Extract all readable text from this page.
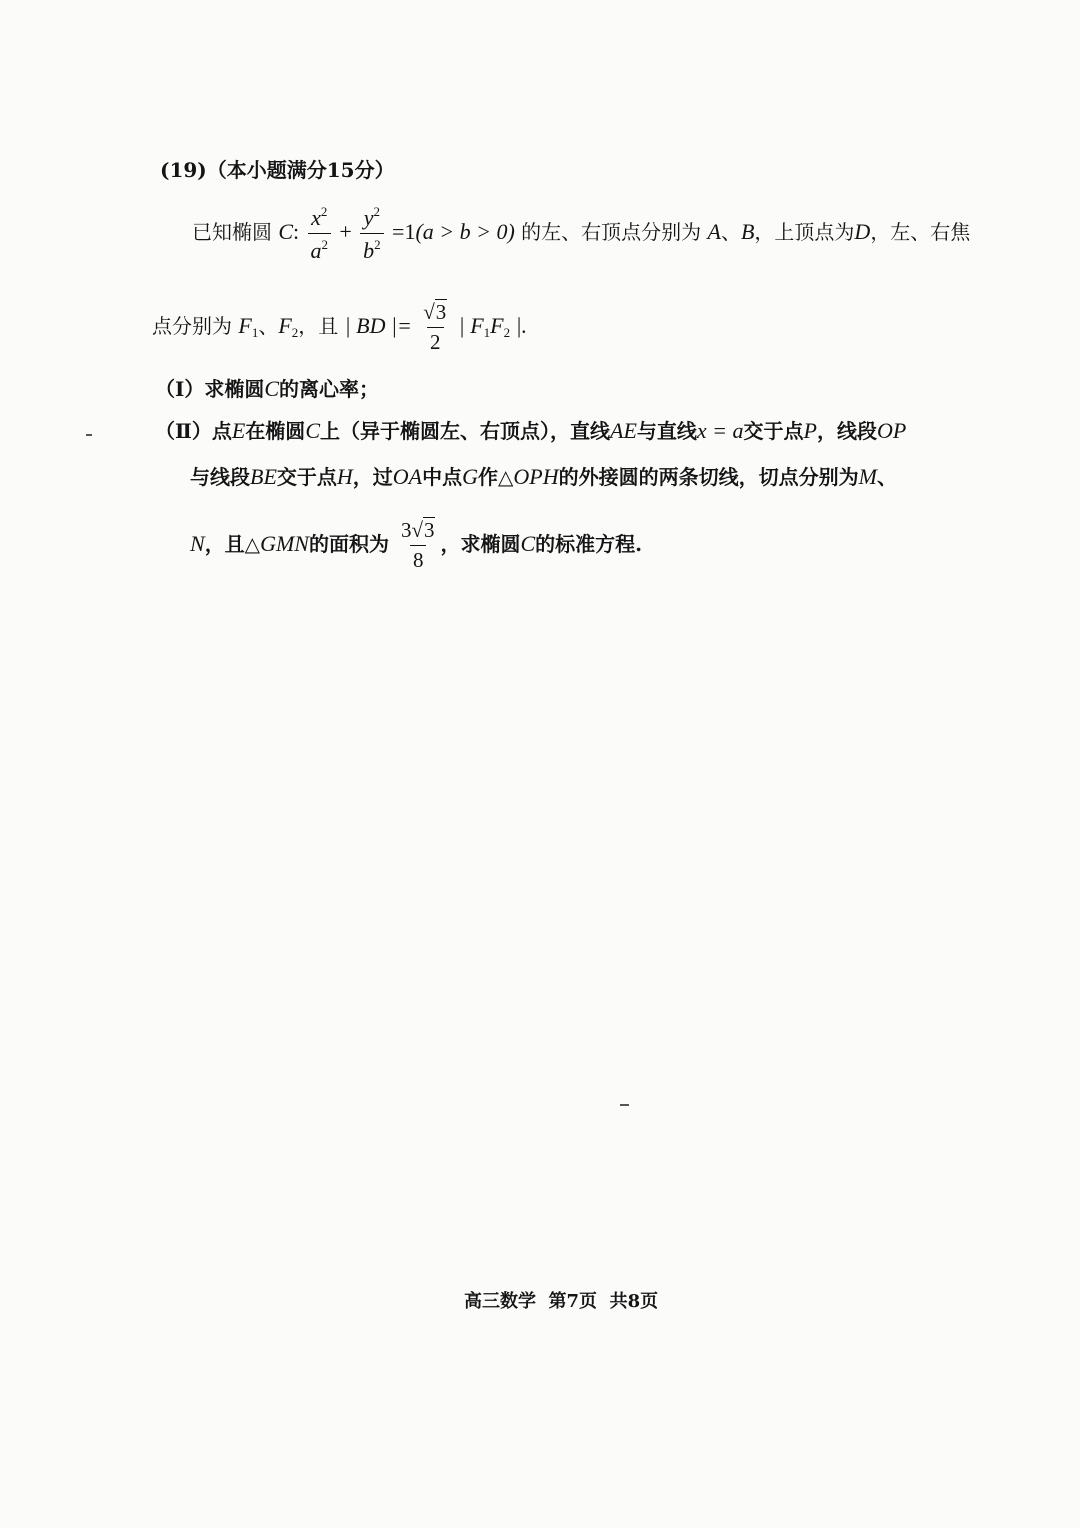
(19)（本小题满分15分）
已知椭圆 C: $\frac{x^2}{a^2} + \frac{y^2}{b^2} =1(a > b > 0)$ 的左、右顶点分别为 A、B，上顶点为D，左、右焦
点分别为 $F_1$、$F_2$，且 | BD |= $\frac{√3}{2}$ | $F_1F_2$ |.
（Ⅰ）求椭圆C的离心率；
（Ⅱ）点E在椭圆C上（异于椭圆左、右顶点），直线AE与直线x = a交于点P，线段OP
与线段BE交于点H，过OA中点G作△OPH的外接圆的两条切线，切点分别为M、
N，且△GMN的面积为 $\frac{3√3}{8}$ ，求椭圆C的标准方程.
高三数学  第7页  共8页
